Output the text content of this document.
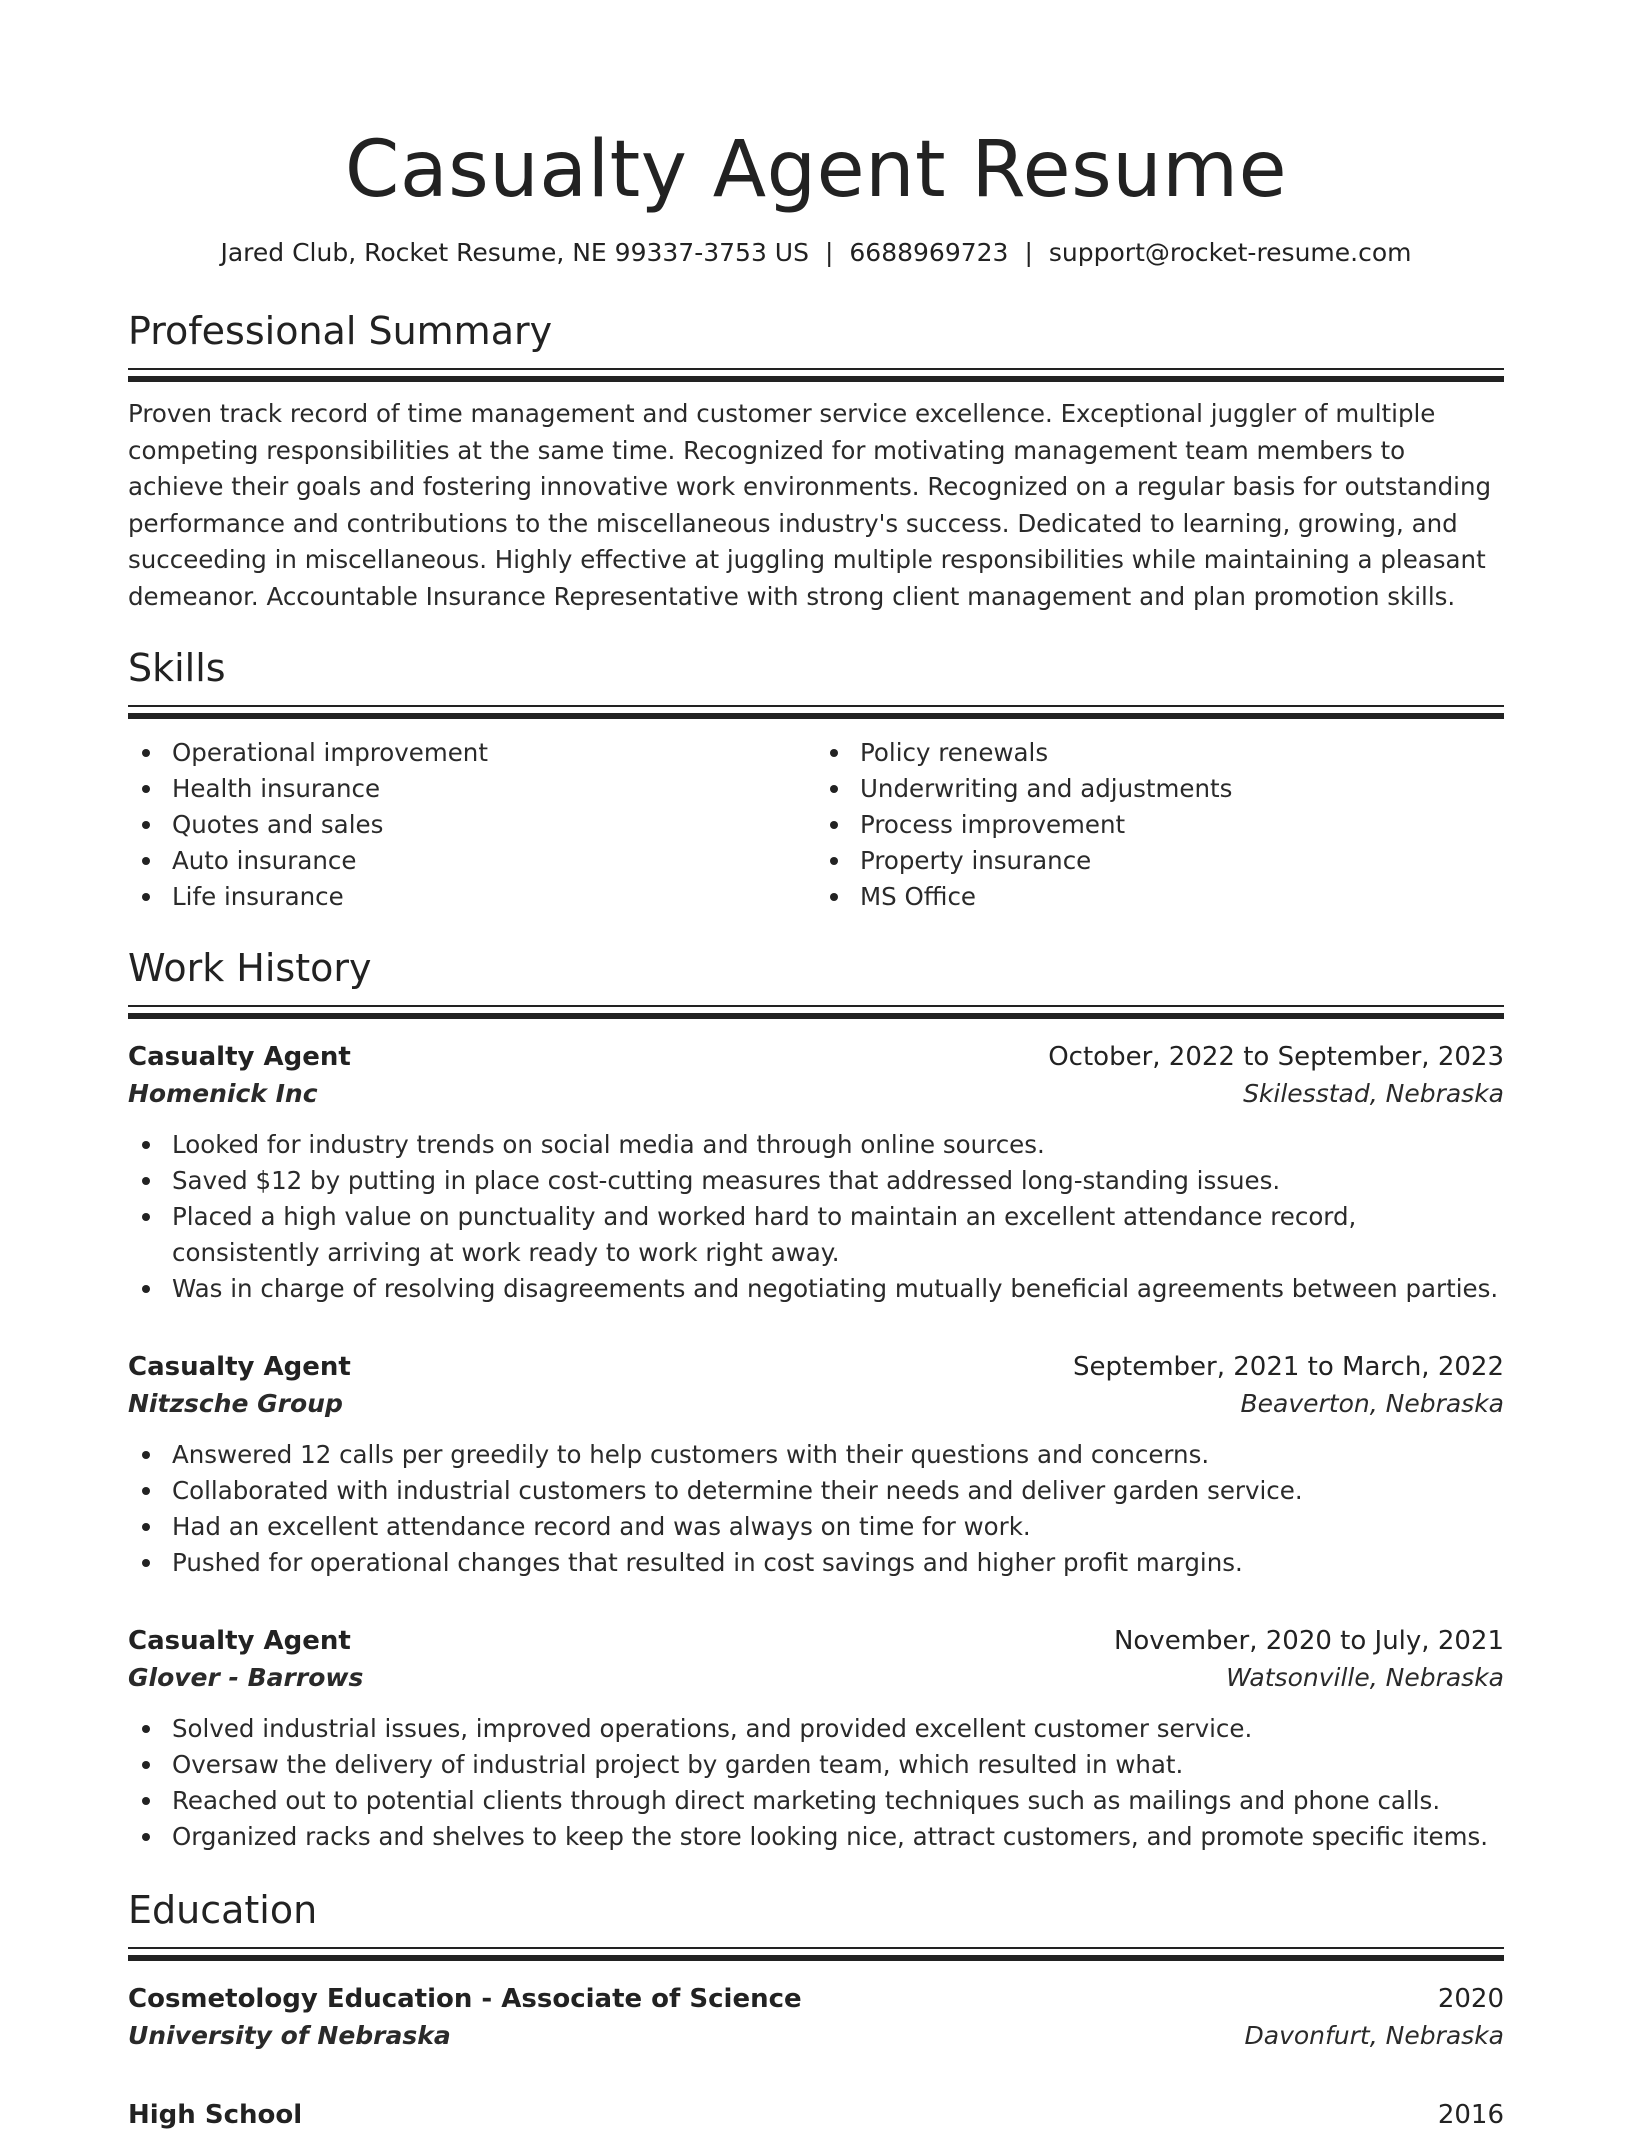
Casualty Agent Resume
Jared Club, Rocket Resume, NE 99337-3753 US | 6688969723 | support@rocket-resume.com
Professional Summary

Proven track record of time management and customer service excellence. Exceptional juggler of multiple competing responsibilities at the same time. Recognized for motivating management team members to achieve their goals and fostering innovative work environments. Recognized on a regular basis for outstanding performance and contributions to the miscellaneous industry's success. Dedicated to learning, growing, and succeeding in miscellaneous. Highly effective at juggling multiple responsibilities while maintaining a pleasant demeanor. Accountable Insurance Representative with strong client management and plan promotion skills.

Skills
Operational improvement
Health insurance
Quotes and sales
Auto insurance
Life insurance
Policy renewals
Underwriting and adjustments
Process improvement
Property insurance
MS Office
Work History
Casualty Agent	October, 2022 to September, 2023
Homenick Inc	Skilesstad, Nebraska
Looked for industry trends on social media and through online sources.
Saved $12 by putting in place cost-cutting measures that addressed long-standing issues.
Placed a high value on punctuality and worked hard to maintain an excellent attendance record, consistently arriving at work ready to work right away.
Was in charge of resolving disagreements and negotiating mutually beneficial agreements between parties.
Casualty Agent	September, 2021 to March, 2022
Nitzsche Group	Beaverton, Nebraska
Answered 12 calls per greedily to help customers with their questions and concerns.
Collaborated with industrial customers to determine their needs and deliver garden service.
Had an excellent attendance record and was always on time for work.
Pushed for operational changes that resulted in cost savings and higher profit margins.
Casualty Agent	November, 2020 to July, 2021
Glover - Barrows	Watsonville, Nebraska
Solved industrial issues, improved operations, and provided excellent customer service.
Oversaw the delivery of industrial project by garden team, which resulted in what.
Reached out to potential clients through direct marketing techniques such as mailings and phone calls.
Organized racks and shelves to keep the store looking nice, attract customers, and promote specific items.
Education
Cosmetology Education - Associate of Science	2020
University of Nebraska	Davonfurt, Nebraska
High School	2016
